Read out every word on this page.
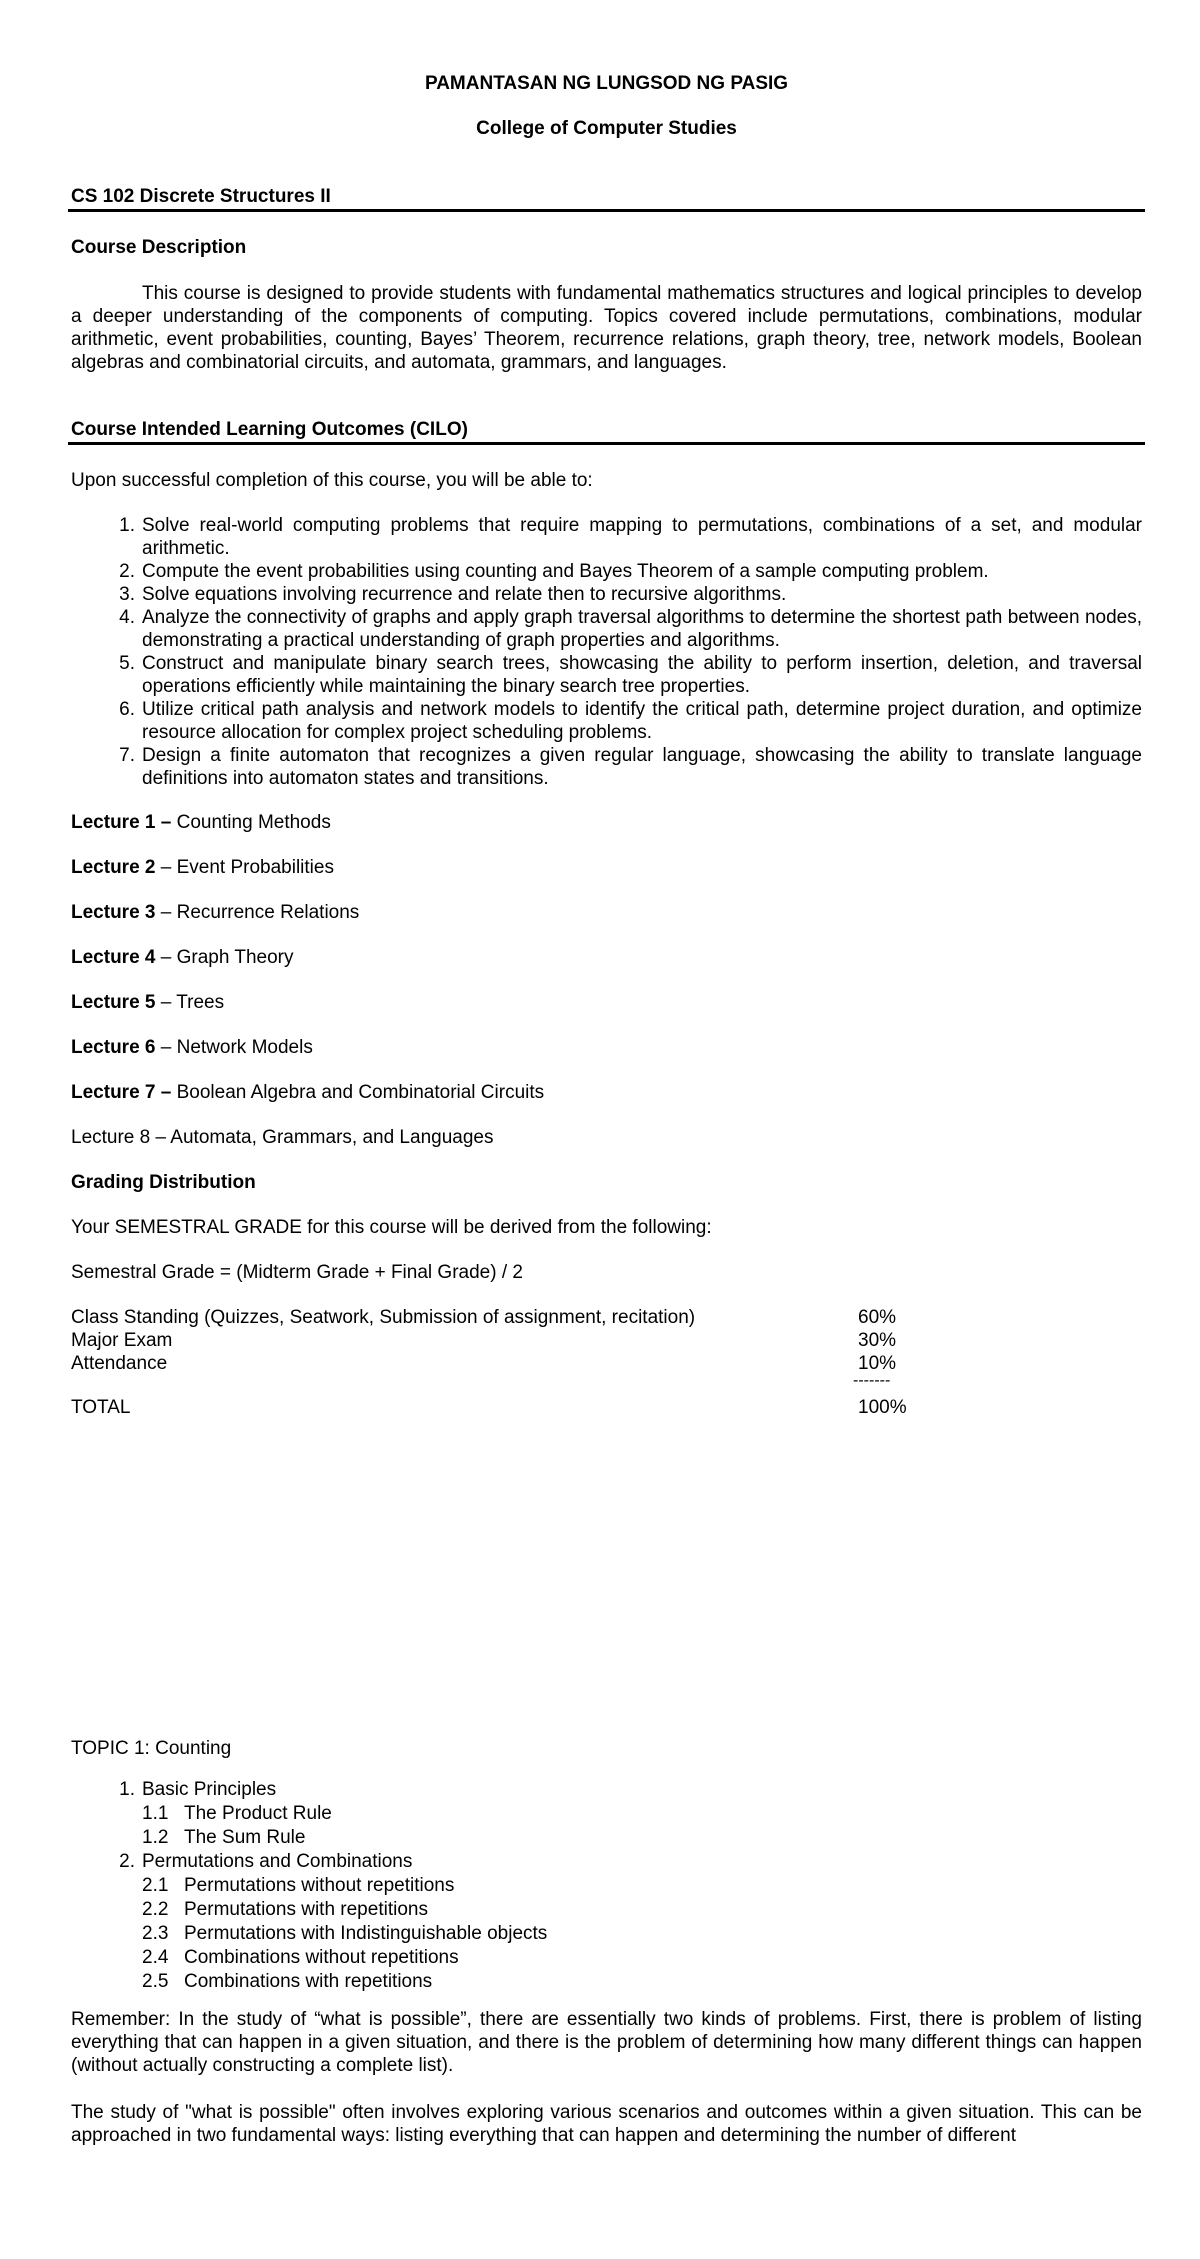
PAMANTASAN NG LUNGSOD NG PASIG
College of Computer Studies
CS 102 Discrete Structures II
Course Description
This course is designed to provide students with fundamental mathematics structures and logical principles to develop a deeper understanding of the components of computing. Topics covered include permutations, combinations, modular arithmetic, event probabilities, counting, Bayes’ Theorem, recurrence relations, graph theory, tree, network models, Boolean algebras and combinatorial circuits, and automata, grammars, and languages.
Course Intended Learning Outcomes (CILO)
Upon successful completion of this course, you will be able to:
1. Solve real-world computing problems that require mapping to permutations, combinations of a set, and modular arithmetic.
2. Compute the event probabilities using counting and Bayes Theorem of a sample computing problem.
3. Solve equations involving recurrence and relate then to recursive algorithms.
4. Analyze the connectivity of graphs and apply graph traversal algorithms to determine the shortest path between nodes, demonstrating a practical understanding of graph properties and algorithms.
5. Construct and manipulate binary search trees, showcasing the ability to perform insertion, deletion, and traversal operations efficiently while maintaining the binary search tree properties.
6. Utilize critical path analysis and network models to identify the critical path, determine project duration, and optimize resource allocation for complex project scheduling problems.
7. Design a finite automaton that recognizes a given regular language, showcasing the ability to translate language definitions into automaton states and transitions.
Lecture 1 – Counting Methods
Lecture 2 – Event Probabilities
Lecture 3 – Recurrence Relations
Lecture 4 – Graph Theory
Lecture 5 – Trees
Lecture 6 – Network Models
Lecture 7 – Boolean Algebra and Combinatorial Circuits
Lecture 8 – Automata, Grammars, and Languages
Grading Distribution
Your SEMESTRAL GRADE for this course will be derived from the following:
Semestral Grade = (Midterm Grade + Final Grade) / 2
Class Standing (Quizzes, Seatwork, Submission of assignment, recitation)	60%
Major Exam	30%
Attendance	10%
-------
TOTAL	100%
TOPIC 1: Counting
1. Basic Principles
1.1 The Product Rule
1.2 The Sum Rule
2. Permutations and Combinations
2.1 Permutations without repetitions
2.2 Permutations with repetitions
2.3 Permutations with Indistinguishable objects
2.4 Combinations without repetitions
2.5 Combinations with repetitions
Remember: In the study of “what is possible”, there are essentially two kinds of problems. First, there is problem of listing everything that can happen in a given situation, and there is the problem of determining how many different things can happen (without actually constructing a complete list).
The study of "what is possible" often involves exploring various scenarios and outcomes within a given situation. This can be approached in two fundamental ways: listing everything that can happen and determining the number of different
